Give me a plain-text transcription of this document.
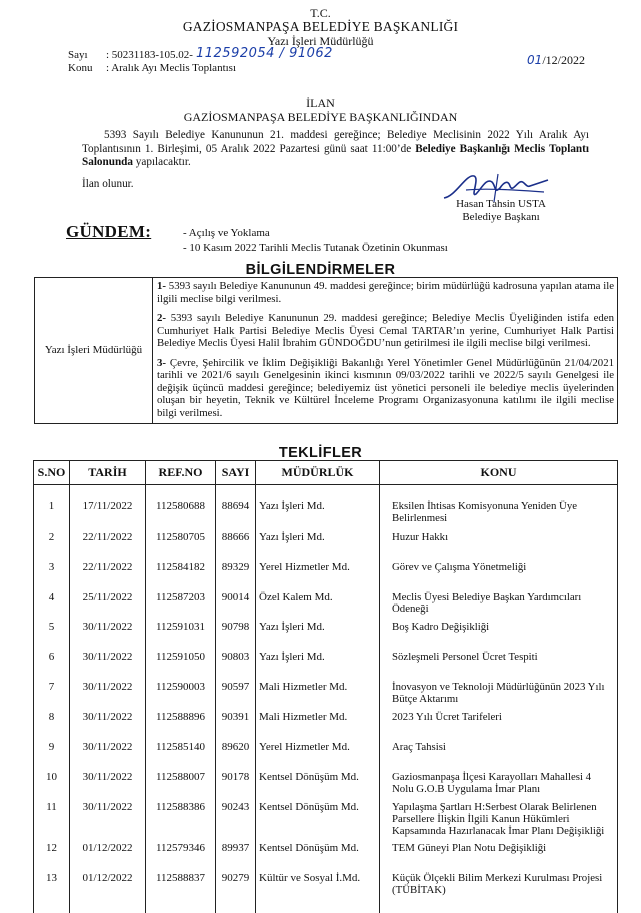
T.C.
GAZİOSMANPAŞA BELEDİYE BAŞKANLIĞI
Yazı İşleri Müdürlüğü
Sayı	: 50231183-105.02- 112592054 / 91062
Konu	: Aralık Ayı Meclis Toplantısı
01/12/2022
İLAN
GAZİOSMANPAŞA BELEDİYE BAŞKANLIĞINDAN
5393 Sayılı Belediye Kanununun 21. maddesi gereğince; Belediye Meclisinin 2022 Yılı Aralık Ayı Toplantısının 1. Birleşimi, 05 Aralık 2022 Pazartesi günü saat 11:00’de Belediye Başkanlığı Meclis Toplantı Salonunda yapılacaktır.
İlan olunur.
Hasan Tahsin USTA
Belediye Başkanı
GÜNDEM:	- Açılış ve Yoklama
- 10 Kasım 2022 Tarihli Meclis Tutanak Özetinin Okunması
BİLGİLENDİRMELER
Yazı İşleri Müdürlüğü	
1- 5393 sayılı Belediye Kanununun 49. maddesi gereğince; birim müdürlüğü kadrosuna yapılan atama ile ilgili meclise bilgi verilmesi.
2- 5393 sayılı Belediye Kanununun 29. maddesi gereğince; Belediye Meclis Üyeliğinden istifa eden Cumhuriyet Halk Partisi Belediye Meclis Üyesi Cemal TARTAR’ın yerine, Cumhuriyet Halk Partisi Belediye Meclis Üyesi Halil İbrahim GÜNDOĞDU’nun getirilmesi ile ilgili meclise bilgi verilmesi.
3- Çevre, Şehircilik ve İklim Değişikliği Bakanlığı Yerel Yönetimler Genel Müdürlüğünün 21/04/2021 tarihli ve 2021/6 sayılı Genelgesinin ikinci kısmının 09/03/2022 tarihli ve 2022/5 sayılı Genelgesi ile değişik üçüncü maddesi gereğince; belediyemiz üst yönetici personeli ile belediye meclis üyelerinden oluşan bir heyetin, Teknik ve Kültürel İnceleme Programı Organizasyonuna katılımı ile ilgili meclise bilgi verilmesi.
TEKLİFLER
S.NO	TARİH	REF.NO	SAYI	MÜDÜRLÜK	KONU
1	17/11/2022	112580688	88694	Yazı İşleri Md.	Eksilen İhtisas Komisyonuna Yeniden Üye Belirlenmesi
2	22/11/2022	112580705	88666	Yazı İşleri Md.	Huzur Hakkı
3	22/11/2022	112584182	89329	Yerel Hizmetler Md.	Görev ve Çalışma Yönetmeliği
4	25/11/2022	112587203	90014	Özel Kalem Md.	Meclis Üyesi Belediye Başkan Yardımcıları Ödeneği
5	30/11/2022	112591031	90798	Yazı İşleri Md.	Boş Kadro Değişikliği
6	30/11/2022	112591050	90803	Yazı İşleri Md.	Sözleşmeli Personel Ücret Tespiti
7	30/11/2022	112590003	90597	Mali Hizmetler Md.	İnovasyon ve Teknoloji Müdürlüğünün 2023 Yılı Bütçe Aktarımı
8	30/11/2022	112588896	90391	Mali Hizmetler Md.	2023 Yılı Ücret Tarifeleri
9	30/11/2022	112585140	89620	Yerel Hizmetler Md.	Araç Tahsisi
10	30/11/2022	112588007	90178	Kentsel Dönüşüm Md.	Gaziosmanpaşa İlçesi Karayolları Mahallesi 4 Nolu G.O.B Uygulama İmar Planı
11	30/11/2022	112588386	90243	Kentsel Dönüşüm Md.	Yapılaşma Şartları H:Serbest Olarak Belirlenen Parsellere İlişkin İlgili Kanun Hükümleri Kapsamında Hazırlanacak İmar Planı Değişikliği
12	01/12/2022	112579346	89937	Kentsel Dönüşüm Md.	TEM Güneyi Plan Notu Değişikliği
13	01/12/2022	112588837	90279	Kültür ve Sosyal İ.Md.	Küçük Ölçekli Bilim Merkezi Kurulması Projesi (TÜBİTAK)
